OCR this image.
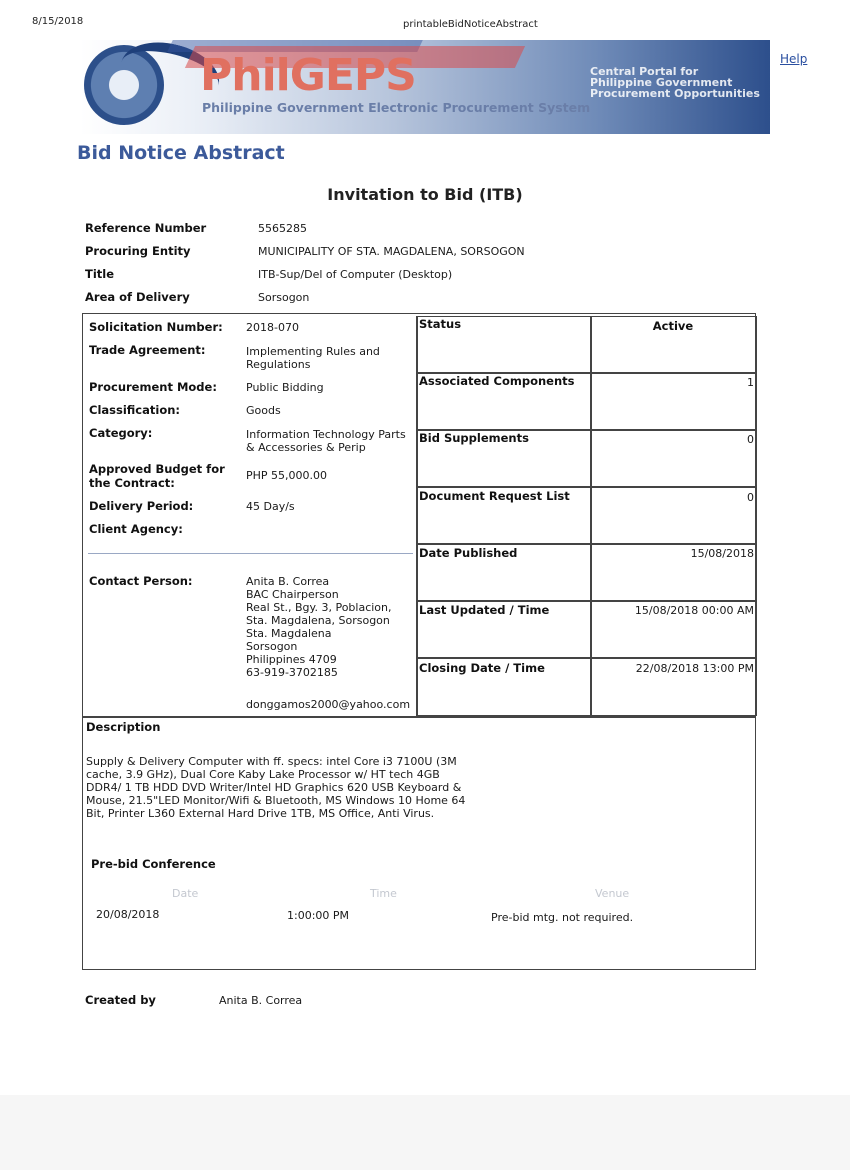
8/15/2018	printableBidNoticeAbstract
PhilGEPS
Philippine Government Electronic Procurement System
Central Portal for
Philippine Government
Procurement Opportunities
Help
Bid Notice Abstract
Invitation to Bid (ITB)
Reference Number	5565285
Procuring Entity	MUNICIPALITY OF STA. MAGDALENA, SORSOGON
Title	ITB-Sup/Del of Computer (Desktop)
Area of Delivery	Sorsogon
Solicitation Number: 2018-070
Trade Agreement:	Implementing Rules and Regulations
Procurement Mode:	Public Bidding
Classification:	Goods
Category:	Information Technology Parts & Accessories & Perip
Approved Budget for the Contract:
PHP 55,000.00
Delivery Period:	45 Day/s
Client Agency:
Contact Person:	Anita B. Correa
BAC Chairperson
Real St., Bgy. 3, Poblacion,
Sta. Magdalena, Sorsogon
Sta. Magdalena
Sorsogon
Philippines 4709
63-919-3702185
donggamos2000@yahoo.com
Status	Active
Associated Components	1
Bid Supplements	0
Document Request List	0
Date Published	15/08/2018
Last Updated / Time	15/08/2018 00:00 AM
Closing Date / Time	22/08/2018 13:00 PM
Description
Supply & Delivery Computer with ff. specs: intel Core i3 7100U (3M cache, 3.9 GHz), Dual Core Kaby Lake Processor w/ HT tech 4GB DDR4/ 1 TB HDD DVD Writer/Intel HD Graphics 620 USB Keyboard & Mouse, 21.5"LED Monitor/Wifi & Bluetooth, MS Windows 10 Home 64 Bit, Printer L360 External Hard Drive 1TB, MS Office, Anti Virus.
Pre-bid Conference
Date	Time	Venue
20/08/2018	1:00:00 PM	Pre-bid mtg. not required.
Created by	Anita B. Correa
